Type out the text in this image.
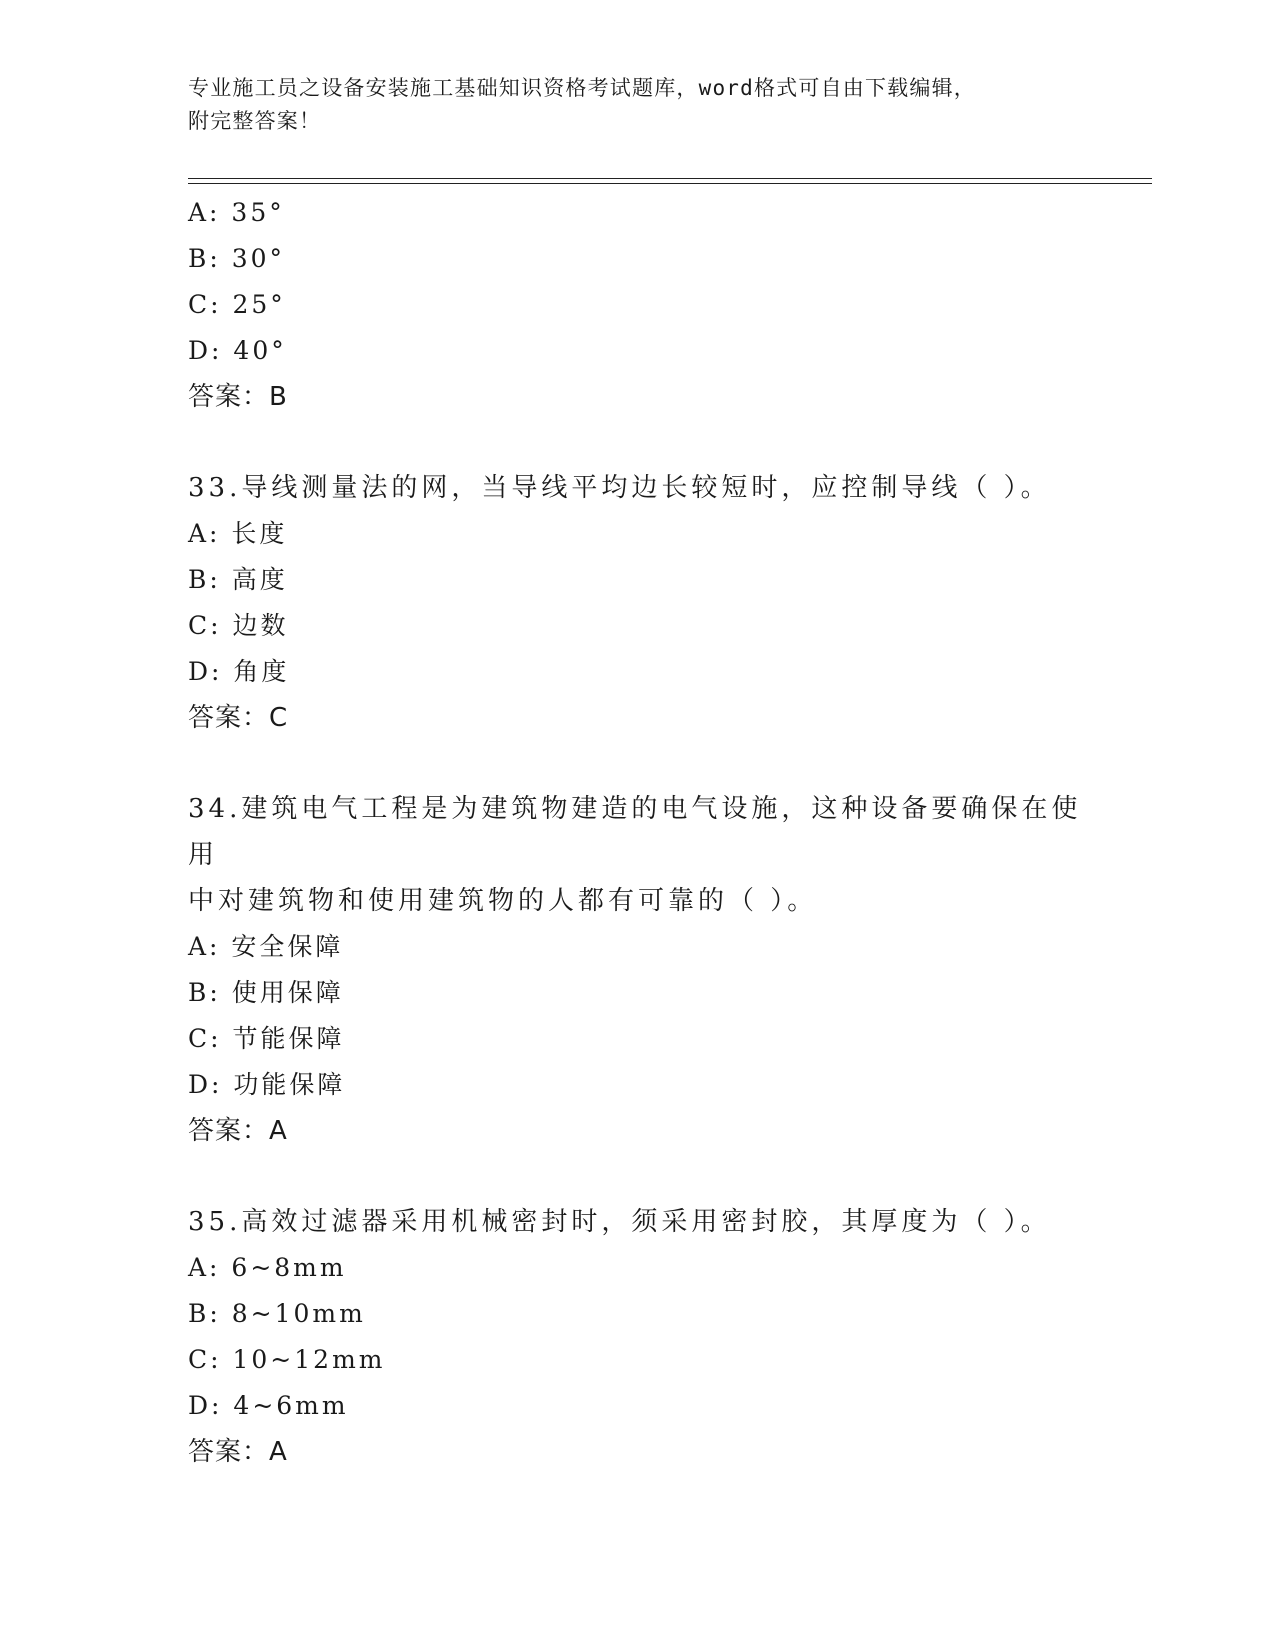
专业施工员之设备安装施工基础知识资格考试题库，word格式可自由下载编辑，
附完整答案！
A: 35°
B: 30°
C: 25°
D: 40°
答案：B
33.导线测量法的网，当导线平均边长较短时，应控制导线（ ）。
A: 长度
B: 高度
C: 边数
D: 角度
答案：C
34.建筑电气工程是为建筑物建造的电气设施，这种设备要确保在使用
中对建筑物和使用建筑物的人都有可靠的（ ）。
A: 安全保障
B: 使用保障
C: 节能保障
D: 功能保障
答案：A
35.高效过滤器采用机械密封时，须采用密封胶，其厚度为（ ）。
A: 6~8mm
B: 8~10mm
C: 10~12mm
D: 4~6mm
答案：A
